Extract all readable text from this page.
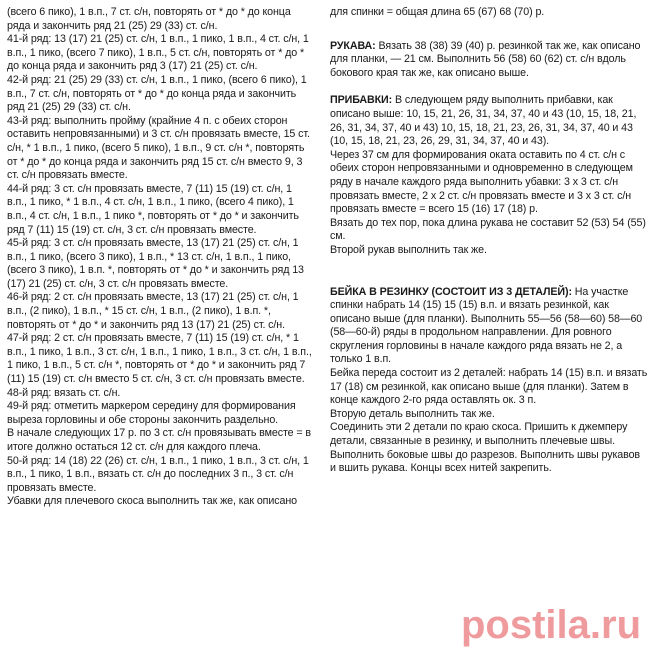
(всего 6 пико), 1 в.п., 7 ст. с/н, повторять от * до * до конца ряда и закончить ряд 21 (25) 29 (33) ст. с/н.

41-й ряд: 13 (17) 21 (25) ст. с/н, 1 в.п., 1 пико, 1 в.п., 4 ст. с/н, 1 в.п., 1 пико, (всего 7 пико), 1 в.п., 5 ст. с/н, повторять от * до * до конца ряда и закончить ряд 3 (17) 21 (25) ст. с/н.

42-й ряд: 21 (25) 29 (33) ст. с/н, 1 в.п., 1 пико, (всего 6 пико), 1 в.п., 7 ст. с/н, повторять от * до * до конца ряда и закончить ряд 21 (25) 29 (33) ст. с/н.

43-й ряд: выполнить пройму (крайние 4 п. с обеих сторон оставить непровязанными) и 3 ст. с/н провязать вместе, 15 ст. с/н, * 1 в.п., 1 пико, (всего 5 пико), 1 в.п., 9 ст. с/н *, повторять от * до * до конца ряда и закончить ряд 15 ст. с/н вместо 9, 3 ст. с/н провязать вместе.

44-й ряд: 3 ст. с/н провязать вместе, 7 (11) 15 (19) ст. с/н, 1 в.п., 1 пико, * 1 в.п., 4 ст. с/н, 1 в.п., 1 пико, (всего 4 пико), 1 в.п., 4 ст. с/н, 1 в.п., 1 пико *, повторять от * до * и закончить ряд 7 (11) 15 (19) ст. с/н, 3 ст. с/н провязать вместе.

45-й ряд: 3 ст. с/н провязать вместе, 13 (17) 21 (25) ст. с/н, 1 в.п., 1 пико, (всего 3 пико), 1 в.п., * 13 ст. с/н, 1 в.п., 1 пико, (всего 3 пико), 1 в.п. *, повторять от * до * и закончить ряд 13 (17) 21 (25) ст. с/н, 3 ст. с/н провязать вместе.

46-й ряд: 2 ст. с/н провязать вместе, 13 (17) 21 (25) ст. с/н, 1 в.п., (2 пико), 1 в.п., * 15 ст. с/н, 1 в.п., (2 пико), 1 в.п. *, повторять от * до * и закончить ряд 13 (17) 21 (25) ст. с/н.

47-й ряд: 2 ст. с/н провязать вместе, 7 (11) 15 (19) ст. с/н, * 1 в.п., 1 пико, 1 в.п., 3 ст. с/н, 1 в.п., 1 пико, 1 в.п., 3 ст. с/н, 1 в.п., 1 пико, 1 в.п., 5 ст. с/н *, повторять от * до * и закончить ряд 7 (11) 15 (19) ст. с/н вместо 5 ст. с/н, 3 ст. с/н провязать вместе.

48-й ряд: вязать ст. с/н.

49-й ряд: отметить маркером середину для формирования выреза горловины и обе стороны закончить раздельно.

В начале следующих 17 р. по 3 ст. с/н провязывать вместе = в итоге должно остаться 12 ст. с/н для каждого плеча.

50-й ряд: 14 (18) 22 (26) ст. с/н, 1 в.п., 1 пико, 1 в.п., 3 ст. с/н, 1 в.п., 1 пико, 1 в.п., вязать ст. с/н до последних 3 п., 3 ст. с/н провязать вместе.

Убавки для плечевого скоса выполнить так же, как описано

для спинки = общая длина 65 (67) 68 (70) р.

РУКАВА: Вязать 38 (38) 39 (40) р. резинкой так же, как описано для планки, — 21 см. Выполнить 56 (58) 60 (62) ст. с/н вдоль бокового края так же, как описано выше.

ПРИБАВКИ: В следующем ряду выполнить прибавки, как описано выше: 10, 15, 21, 26, 31, 34, 37, 40 и 43 (10, 15, 18, 21, 26, 31, 34, 37, 40 и 43) 10, 15, 18, 21, 23, 26, 31, 34, 37, 40 и 43 (10, 15, 18, 21, 23, 26, 29, 31, 34, 37, 40 и 43).

Через 37 см для формирования оката оставить по 4 ст. с/н с обеих сторон непровязанными и одновременно в следующем ряду в начале каждого ряда выполнить убавки: 3 х 3 ст. с/н провязать вместе, 2 х 2 ст. с/н провязать вместе и 3 х 3 ст. с/н провязать вместе = всего 15 (16) 17 (18) р.

Вязать до тех пор, пока длина рукава не составит 52 (53) 54 (55) см.

Второй рукав выполнить так же.

БЕЙКА В РЕЗИНКУ (СОСТОИТ ИЗ 3 ДЕТАЛЕЙ): На участке спинки набрать 14 (15) 15 (15) в.п. и вязать резинкой, как описано выше (для планки). Выполнить 55—56 (58—60) 58—60 (58—60-й) ряды в продольном направлении. Для ровного скругления горловины в начале каждого ряда вязать не 2, а только 1 в.п.

Бейка переда состоит из 2 деталей: набрать 14 (15) в.п. и вязать 17 (18) см резинкой, как описано выше (для планки). Затем в конце каждого 2-го ряда оставлять ок. 3 п.

Вторую деталь выполнить так же.

Соединить эти 2 детали по краю скоса. Пришить к джемперу детали, связанные в резинку, и выполнить плечевые швы. Выполнить боковые швы до разрезов. Выполнить швы рукавов и вшить рукава. Концы всех нитей закрепить.

postila.ru
